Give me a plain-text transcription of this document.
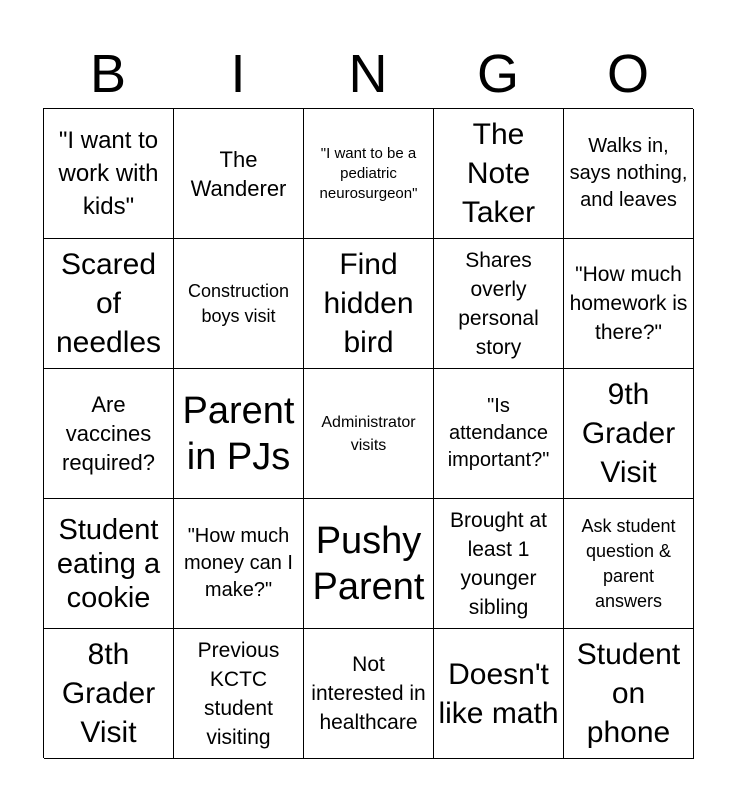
B	I	N	G	O
"I want to work with kids"
The Wanderer
"I want to be a pediatric neurosurgeon"
The Note Taker
Walks in, says nothing, and leaves
Scared of needles
Construction boys visit
Find hidden bird
Shares overly personal story
"How much homework is there?"
Are vaccines required?
Parent in PJs
Administrator visits
"Is attendance important?"
9th Grader Visit
Student eating a cookie
"How much money can I make?"
Pushy Parent
Brought at least 1 younger sibling
Ask student question & parent answers
8th Grader Visit
Previous KCTC student visiting
Not interested in healthcare
Doesn't like math
Student on phone
